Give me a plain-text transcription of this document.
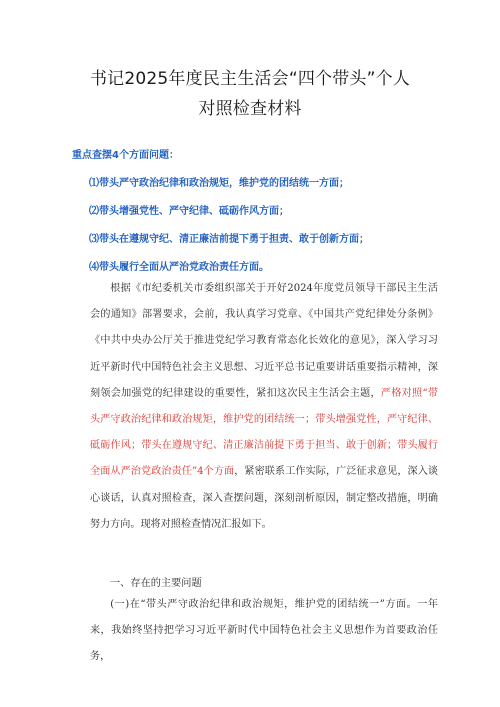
书记2025年度民主生活会“四个带头”个人
对照检查材料
重点查摆4个方面问题：
⑴带头严守政治纪律和政治规矩，维护党的团结统一方面；
⑵带头增强党性、严守纪律、砥砺作风方面；
⑶带头在遵规守纪、清正廉洁前提下勇于担责、敢于创新方面；
⑷带头履行全面从严治党政治责任方面。
根据《市纪委机关市委组织部关于开好2024年度党员领导干部民主生活会的通知》部署要求，会前，我认真学习党章、《中国共产党纪律处分条例》《中共中央办公厅关于推进党纪学习教育常态化长效化的意见》，深入学习习近平新时代中国特色社会主义思想、习近平总书记重要讲话重要指示精神，深刻领会加强党的纪律建设的重要性，紧扣这次民主生活会主题，严格对照“带头严守政治纪律和政治规矩，维护党的团结统一；带头增强党性，严守纪律、砥砺作风；带头在遵规守纪、清正廉洁前提下勇于担当、敢于创新；带头履行全面从严治党政治责任”4个方面，紧密联系工作实际，广泛征求意见，深入谈心谈话，认真对照检查，深入查摆问题，深刻剖析原因，制定整改措施，明确努力方向。现将对照检查情况汇报如下。
一、存在的主要问题
(一)在“带头严守政治纪律和政治规矩，维护党的团结统一”方面。一年来，我始终坚持把学习习近平新时代中国特色社会主义思想作为首要政治任务，
